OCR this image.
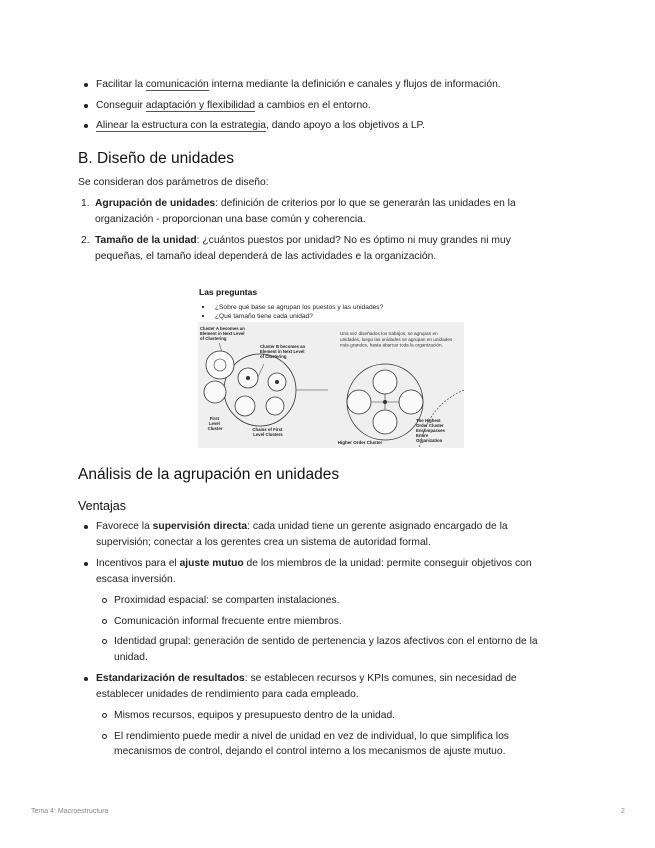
Facilitar la comunicación interna mediante la definición e canales y flujos de información.
Conseguir adaptación y flexibilidad a cambios en el entorno.
Alinear la estructura con la estrategia, dando apoyo a los objetivos a LP.
B. Diseño de unidades
Se consideran dos parámetros de diseño:
1. Agrupación de unidades: definición de criterios por lo que se generarán las unidades en la organización - proporcionan una base común y coherencia.
2. Tamaño de la unidad: ¿cuántos puestos por unidad? No es óptimo ni muy grandes ni muy pequeñas, el tamaño ideal dependerá de las actividades e la organización.
Las preguntas
¿Sobre qué base se agrupan los puestos y las unidades?
¿Qué tamaño tiene cada unidad?
Cluster A becomes an Element in Next Level of Clustering
Cluster B becomes an Element in Next Level of Clustering
First Level Cluster	Chains of First Level Clusters
Una vez diseñados los trabajos, se agrupan en unidades, luego las unidades se agrupan en unidades más grandes, hasta abarcar toda la organización.
Higher Order Cluster
The Highest Order Cluster Encompasses Entire Organization
Análisis de la agrupación en unidades
Ventajas
Favorece la supervisión directa: cada unidad tiene un gerente asignado encargado de la supervisión; conectar a los gerentes crea un sistema de autoridad formal.
Incentivos para el ajuste mutuo de los miembros de la unidad: permite conseguir objetivos con escasa inversión.
Proximidad espacial: se comparten instalaciones.
Comunicación informal frecuente entre miembros.
Identidad grupal: generación de sentido de pertenencia y lazos afectivos con el entorno de la unidad.
Estandarización de resultados: se establecen recursos y KPIs comunes, sin necesidad de establecer unidades de rendimiento para cada empleado.
Mismos recursos, equipos y presupuesto dentro de la unidad.
El rendimiento puede medir a nivel de unidad en vez de individual, lo que simplifica los mecanismos de control, dejando el control interno a los mecanismos de ajuste mutuo.
Tema 4: Macroestructura	2
